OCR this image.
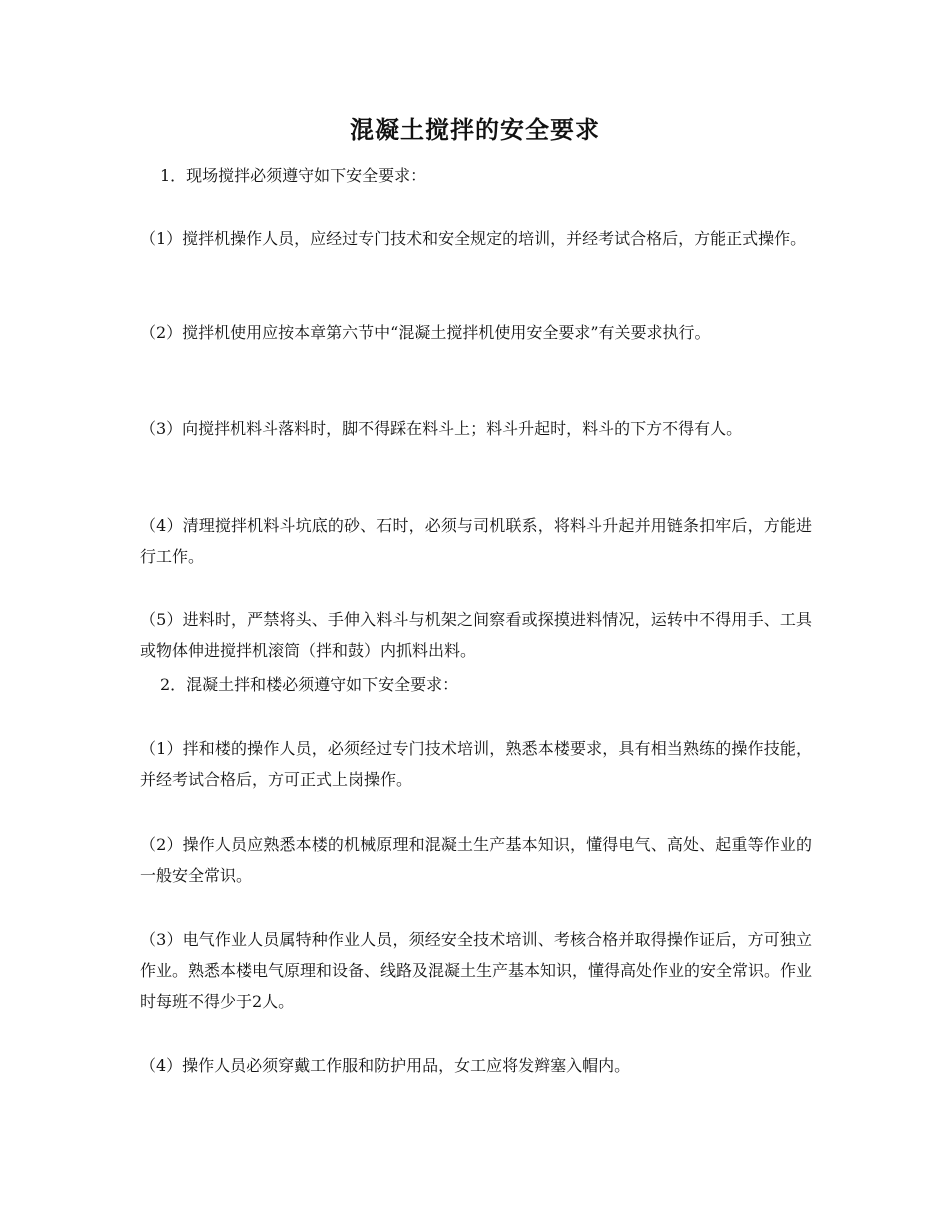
混凝土搅拌的安全要求

1．现场搅拌必须遵守如下安全要求：

（1）搅拌机操作人员，应经过专门技术和安全规定的培训，并经考试合格后，方能正式操作。

（2）搅拌机使用应按本章第六节中“混凝土搅拌机使用安全要求”有关要求执行。

（3）向搅拌机料斗落料时，脚不得踩在料斗上；料斗升起时，料斗的下方不得有人。

（4）清理搅拌机料斗坑底的砂、石时，必须与司机联系，将料斗升起并用链条扣牢后，方能进行工作。

（5）进料时，严禁将头、手伸入料斗与机架之间察看或探摸进料情况，运转中不得用手、工具或物体伸进搅拌机滚筒（拌和鼓）内抓料出料。

2．混凝土拌和楼必须遵守如下安全要求：

（1）拌和楼的操作人员，必须经过专门技术培训，熟悉本楼要求，具有相当熟练的操作技能，并经考试合格后，方可正式上岗操作。

（2）操作人员应熟悉本楼的机械原理和混凝土生产基本知识，懂得电气、高处、起重等作业的一般安全常识。

（3）电气作业人员属特种作业人员，须经安全技术培训、考核合格并取得操作证后，方可独立作业。熟悉本楼电气原理和设备、线路及混凝土生产基本知识，懂得高处作业的安全常识。作业时每班不得少于2人。

（4）操作人员必须穿戴工作服和防护用品，女工应将发辫塞入帽内。
